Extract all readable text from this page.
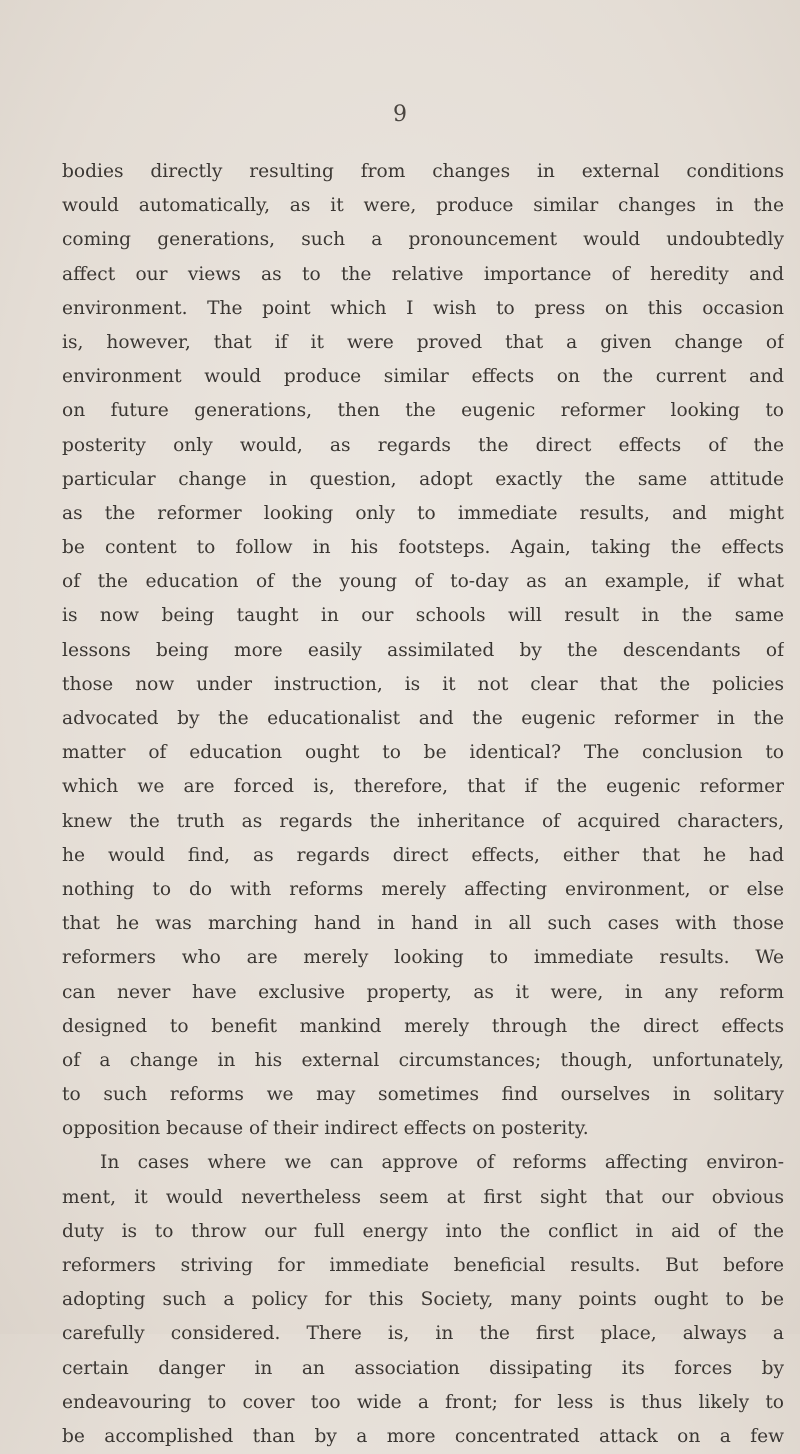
9
bodies directly resulting from changes in external conditions
would automatically, as it were, produce similar changes in the
coming generations, such a pronouncement would undoubtedly
affect our views as to the relative importance of heredity and
environment. The point which I wish to press on this occasion
is, however, that if it were proved that a given change of
environment would produce similar effects on the current and
on future generations, then the eugenic reformer looking to
posterity only would, as regards the direct effects of the
particular change in question, adopt exactly the same attitude
as the reformer looking only to immediate results, and might
be content to follow in his footsteps. Again, taking the effects
of the education of the young of to-day as an example, if what
is now being taught in our schools will result in the same
lessons being more easily assimilated by the descendants of
those now under instruction, is it not clear that the policies
advocated by the educationalist and the eugenic reformer in the
matter of education ought to be identical? The conclusion to
which we are forced is, therefore, that if the eugenic reformer
knew the truth as regards the inheritance of acquired characters,
he would find, as regards direct effects, either that he had
nothing to do with reforms merely affecting environment, or else
that he was marching hand in hand in all such cases with those
reformers who are merely looking to immediate results. We
can never have exclusive property, as it were, in any reform
designed to benefit mankind merely through the direct effects
of a change in his external circumstances; though, unfortunately,
to such reforms we may sometimes find ourselves in solitary
opposition because of their indirect effects on posterity.
In cases where we can approve of reforms affecting environ-
ment, it would nevertheless seem at first sight that our obvious
duty is to throw our full energy into the conflict in aid of the
reformers striving for immediate beneficial results. But before
adopting such a policy for this Society, many points ought to be
carefully considered. There is, in the first place, always a
certain danger in an association dissipating its forces by
endeavouring to cover too wide a front; for less is thus likely to
be accomplished than by a more concentrated attack on a few
